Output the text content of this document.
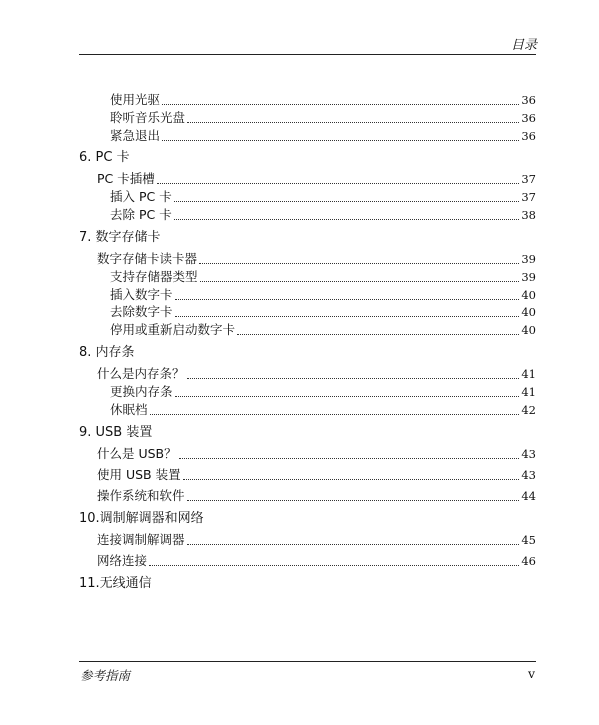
目录
使用光驱	36
聆听音乐光盘	36
紧急退出	36
6. PC 卡
PC 卡插槽	37
插入 PC 卡	37
去除 PC 卡	38
7. 数字存储卡
数字存储卡读卡器	39
支持存储器类型	39
插入数字卡	40
去除数字卡	40
停用或重新启动数字卡	40
8. 内存条
什么是内存条？	41
更换内存条	41
休眠档	42
9. USB 装置
什么是 USB？	43
使用 USB 装置	43
操作系统和软件	44
10.调制解调器和网络
连接调制解调器	45
网络连接	46
11.无线通信
参考指南	v
